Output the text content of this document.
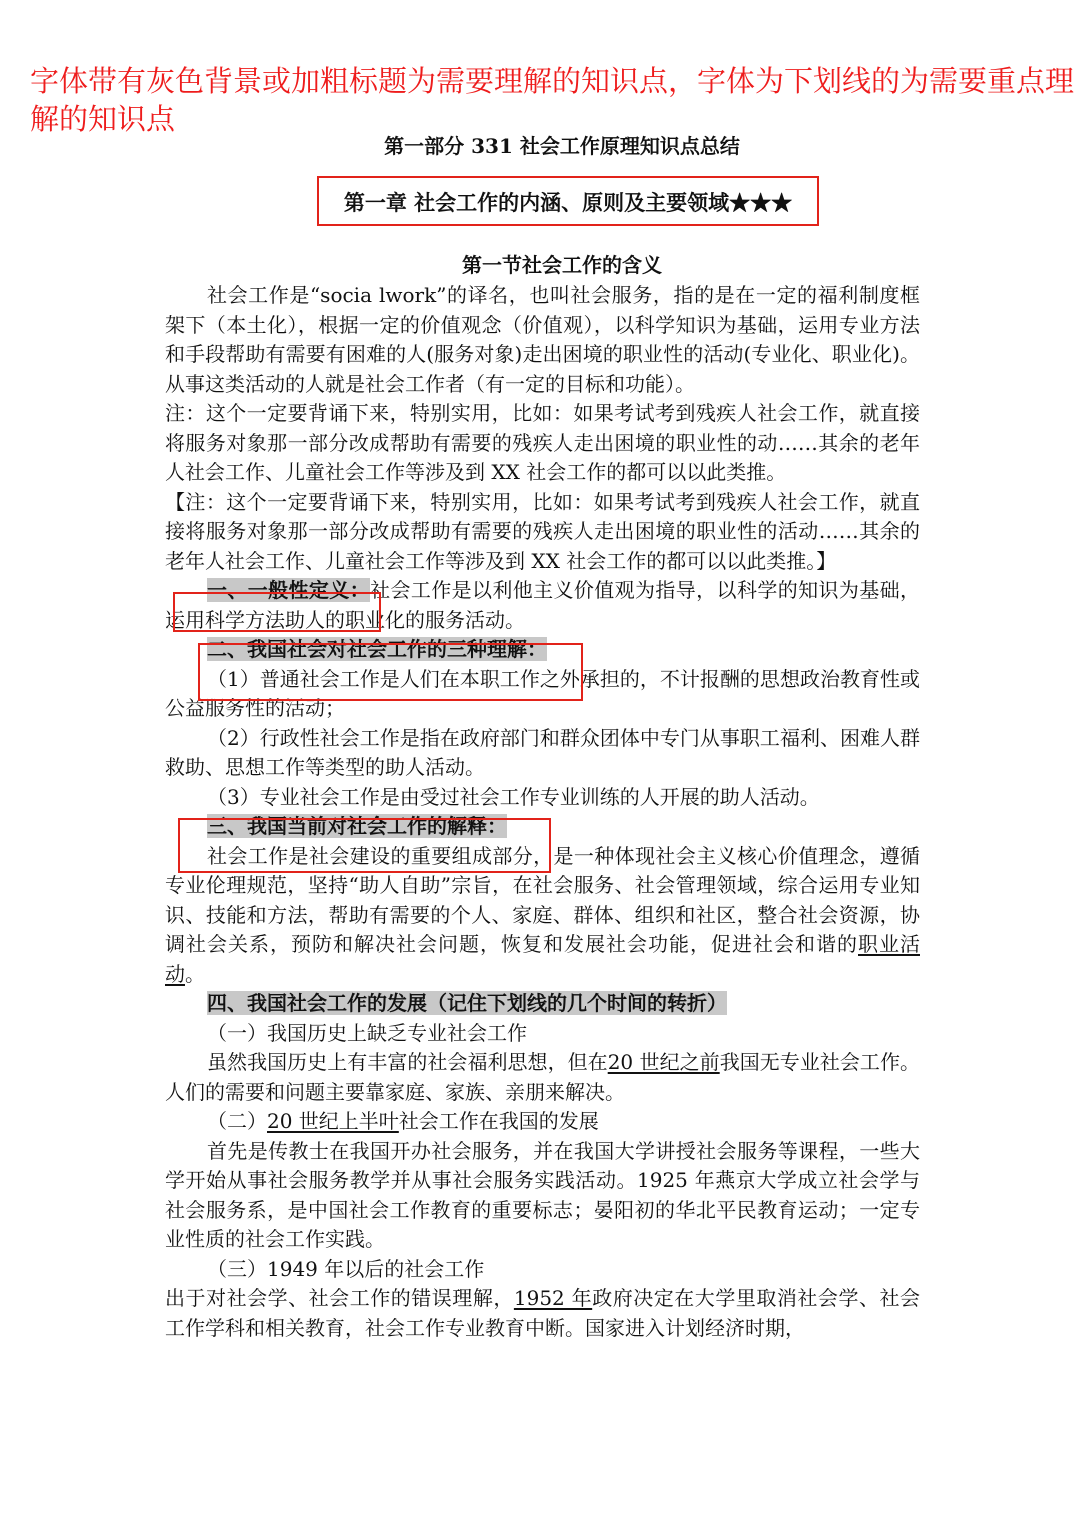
字体带有灰色背景或加粗标题为需要理解的知识点，字体为下划线的为需要重点理解的知识点
第一部分 331 社会工作原理知识点总结
第一章 社会工作的内涵、原则及主要领域★★★
第一节社会工作的含义

社会工作是“socia lwork”的译名，也叫社会服务，指的是在一定的福利制度框架下（本土化），根据一定的价值观念（价值观），以科学知识为基础，运用专业方法和手段帮助有需要有困难的人(服务对象)走出困境的职业性的活动(专业化、职业化)。从事这类活动的人就是社会工作者（有一定的目标和功能）。

注：这个一定要背诵下来，特别实用，比如：如果考试考到残疾人社会工作，就直接将服务对象那一部分改成帮助有需要的残疾人走出困境的职业性的动……其余的老年人社会工作、儿童社会工作等涉及到 XX 社会工作的都可以以此类推。

【注：这个一定要背诵下来，特别实用，比如：如果考试考到残疾人社会工作，就直接将服务对象那一部分改成帮助有需要的残疾人走出困境的职业性的活动……其余的老年人社会工作、儿童社会工作等涉及到 XX 社会工作的都可以以此类推。】

一、一般性定义：社会工作是以利他主义价值观为指导，以科学的知识为基础，运用科学方法助人的职业化的服务活动。

二、我国社会对社会工作的三种理解：

（1）普通社会工作是人们在本职工作之外承担的，不计报酬的思想政治教育性或公益服务性的活动；

（2）行政性社会工作是指在政府部门和群众团体中专门从事职工福利、困难人群救助、思想工作等类型的助人活动。

（3）专业社会工作是由受过社会工作专业训练的人开展的助人活动。

三、我国当前对社会工作的解释：

社会工作是社会建设的重要组成部分，是一种体现社会主义核心价值理念，遵循专业伦理规范，坚持“助人自助”宗旨，在社会服务、社会管理领域，综合运用专业知识、技能和方法，帮助有需要的个人、家庭、群体、组织和社区，整合社会资源，协调社会关系，预防和解决社会问题，恢复和发展社会功能，促进社会和谐的职业活动。

四、我国社会工作的发展（记住下划线的几个时间的转折）

（一）我国历史上缺乏专业社会工作

虽然我国历史上有丰富的社会福利思想，但在20 世纪之前我国无专业社会工作。人们的需要和问题主要靠家庭、家族、亲朋来解决。

（二）20 世纪上半叶社会工作在我国的发展

首先是传教士在我国开办社会服务，并在我国大学讲授社会服务等课程，一些大学开始从事社会服务教学并从事社会服务实践活动。1925 年燕京大学成立社会学与社会服务系，是中国社会工作教育的重要标志；晏阳初的华北平民教育运动；一定专业性质的社会工作实践。

（三）1949 年以后的社会工作

出于对社会学、社会工作的错误理解，1952 年政府决定在大学里取消社会学、社会工作学科和相关教育，社会工作专业教育中断。国家进入计划经济时期，
